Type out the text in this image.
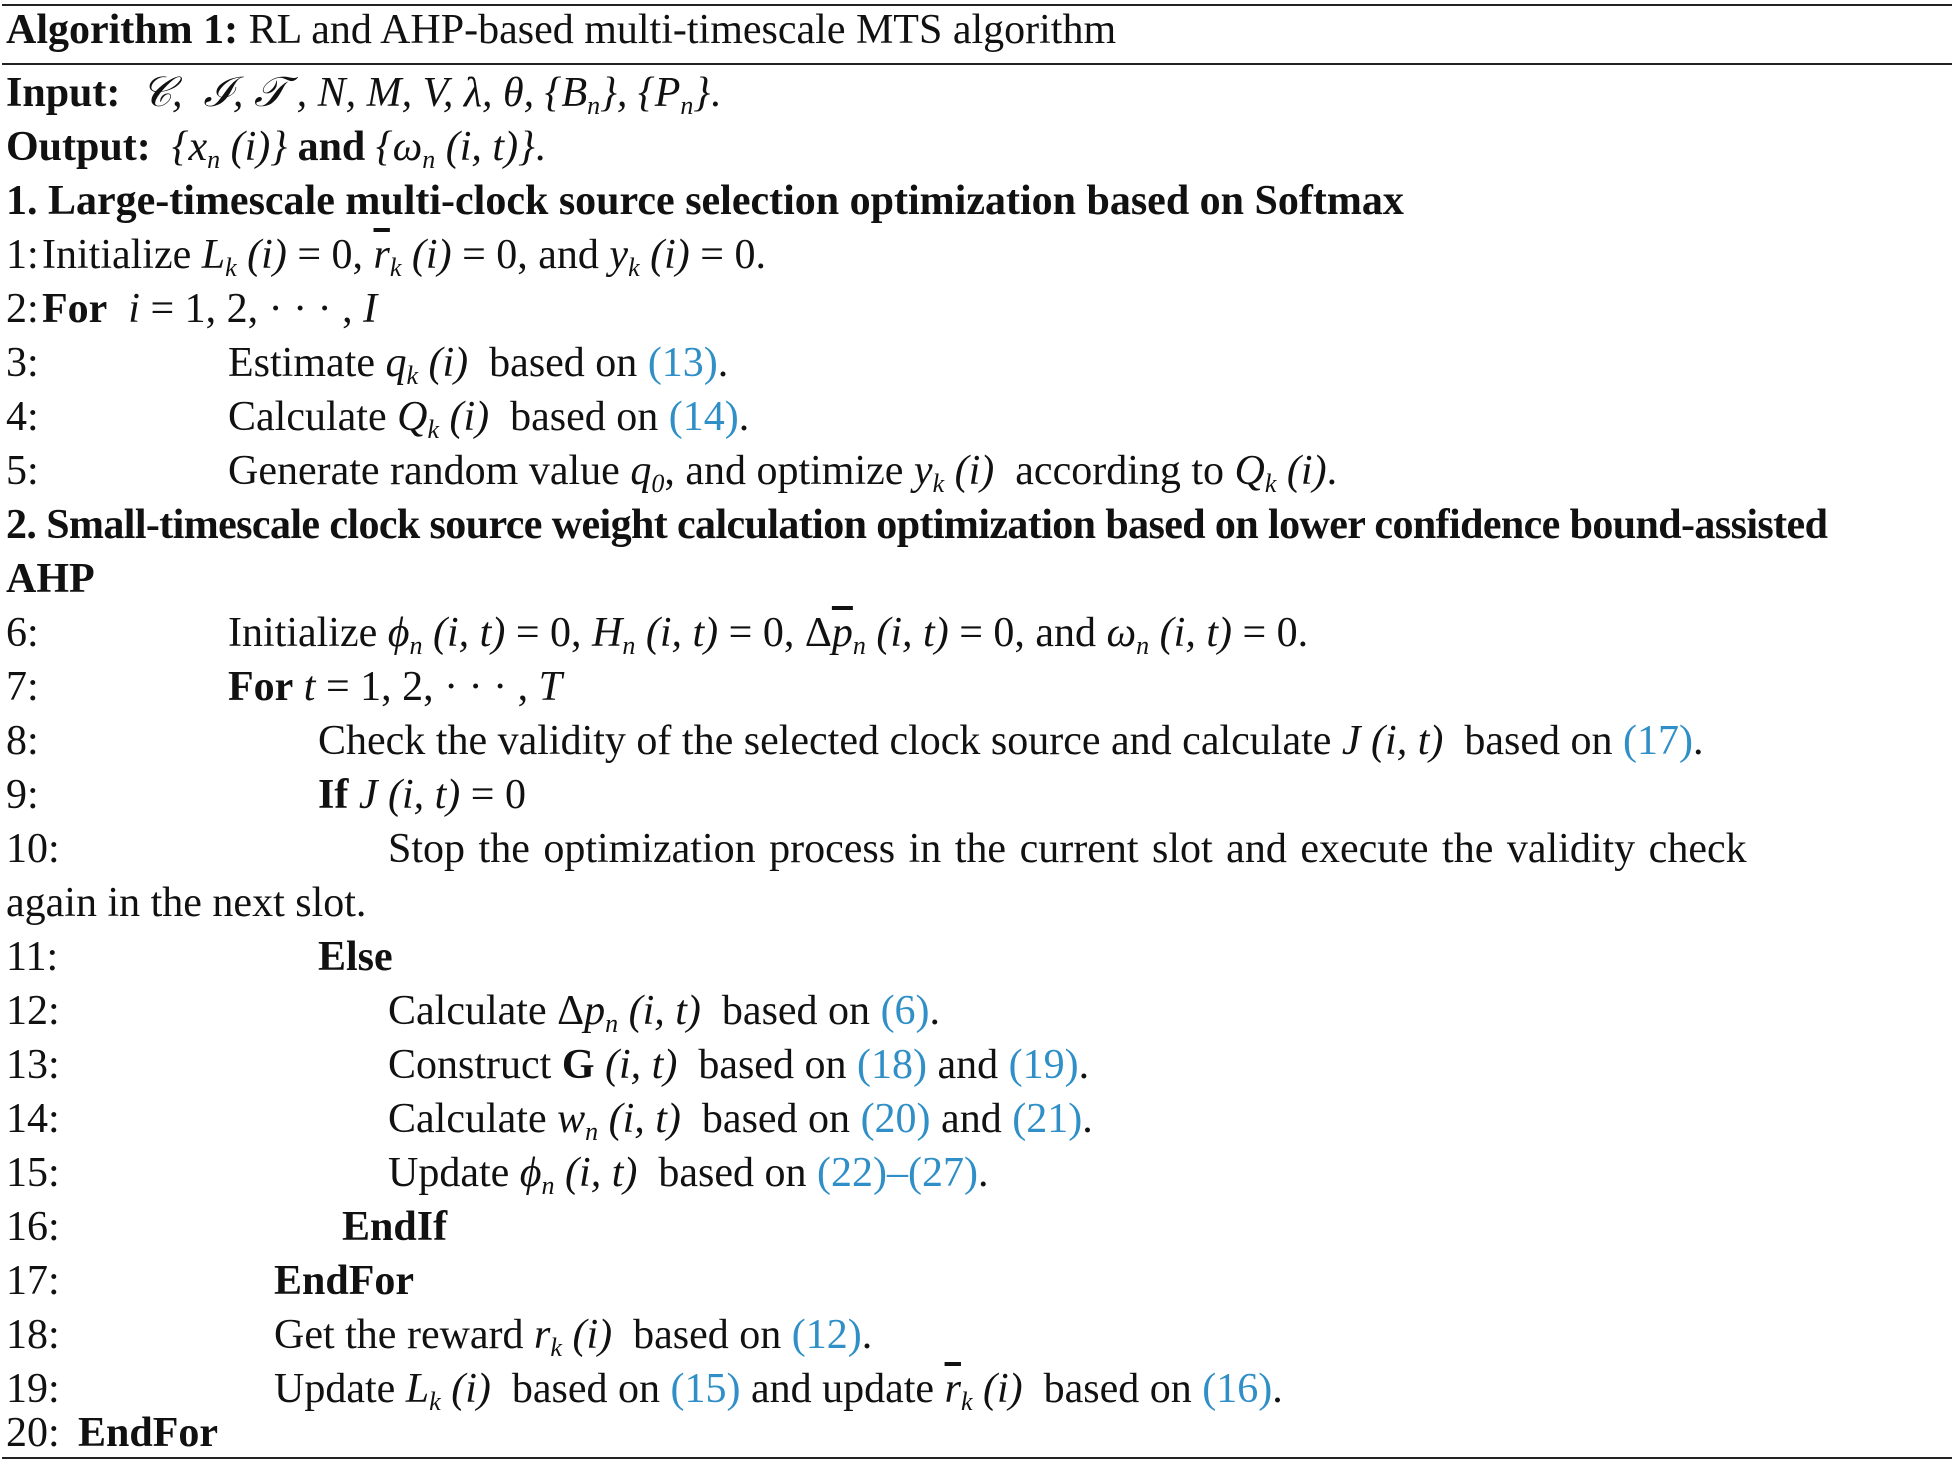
Algorithm 1: RL and AHP-based multi-timescale MTS algorithm
Input:  𝒞,  ℐ, 𝒯 , N, M, V, λ, θ, $\{B_n\}$, $\{P_n\}$.
Output:  {$x_n$ (i)} and {$\omega_n$ (i, t)}.
1. Large-timescale multi-clock source selection optimization based on Softmax
1: Initialize $L_k$ (i) = 0, $\overline{r}_k$ (i) = 0, and $y_k$ (i) = 0.
2: For  i = 1, 2, · · · , I
3:	Estimate $q_k$ (i) based on (13).
4:	Calculate $Q_k$ (i) based on (14).
5:	Generate random value $q_0$, and optimize $y_k$ (i) according to $Q_k$ (i).
2. Small-timescale clock source weight calculation optimization based on lower confidence bound-assisted
AHP
6:	Initialize $\phi_n$ (i, t) = 0, $H_n$ (i, t) = 0, $\Delta\overline{p}_n$ (i, t) = 0, and $\omega_n$ (i, t) = 0.
7:	For t = 1, 2, · · · , T
8:	Check the validity of the selected clock source and calculate J (i, t) based on (17).
9:	If J (i, t) = 0
10:	Stop the optimization process in the current slot and execute the validity check
again in the next slot.
11:	Else
12:	Calculate $\Delta p_n$ (i, t) based on (6).
13:	Construct G (i, t) based on (18) and (19).
14:	Calculate $w_n$ (i, t) based on (20) and (21).
15:	Update $\phi_n$ (i, t) based on (22)–(27).
16:	EndIf
17:	EndFor
18:	Get the reward $r_k$ (i) based on (12).
19:	Update $L_k$ (i) based on (15) and update $\overline{r}_k$ (i) based on (16).
20: EndFor
